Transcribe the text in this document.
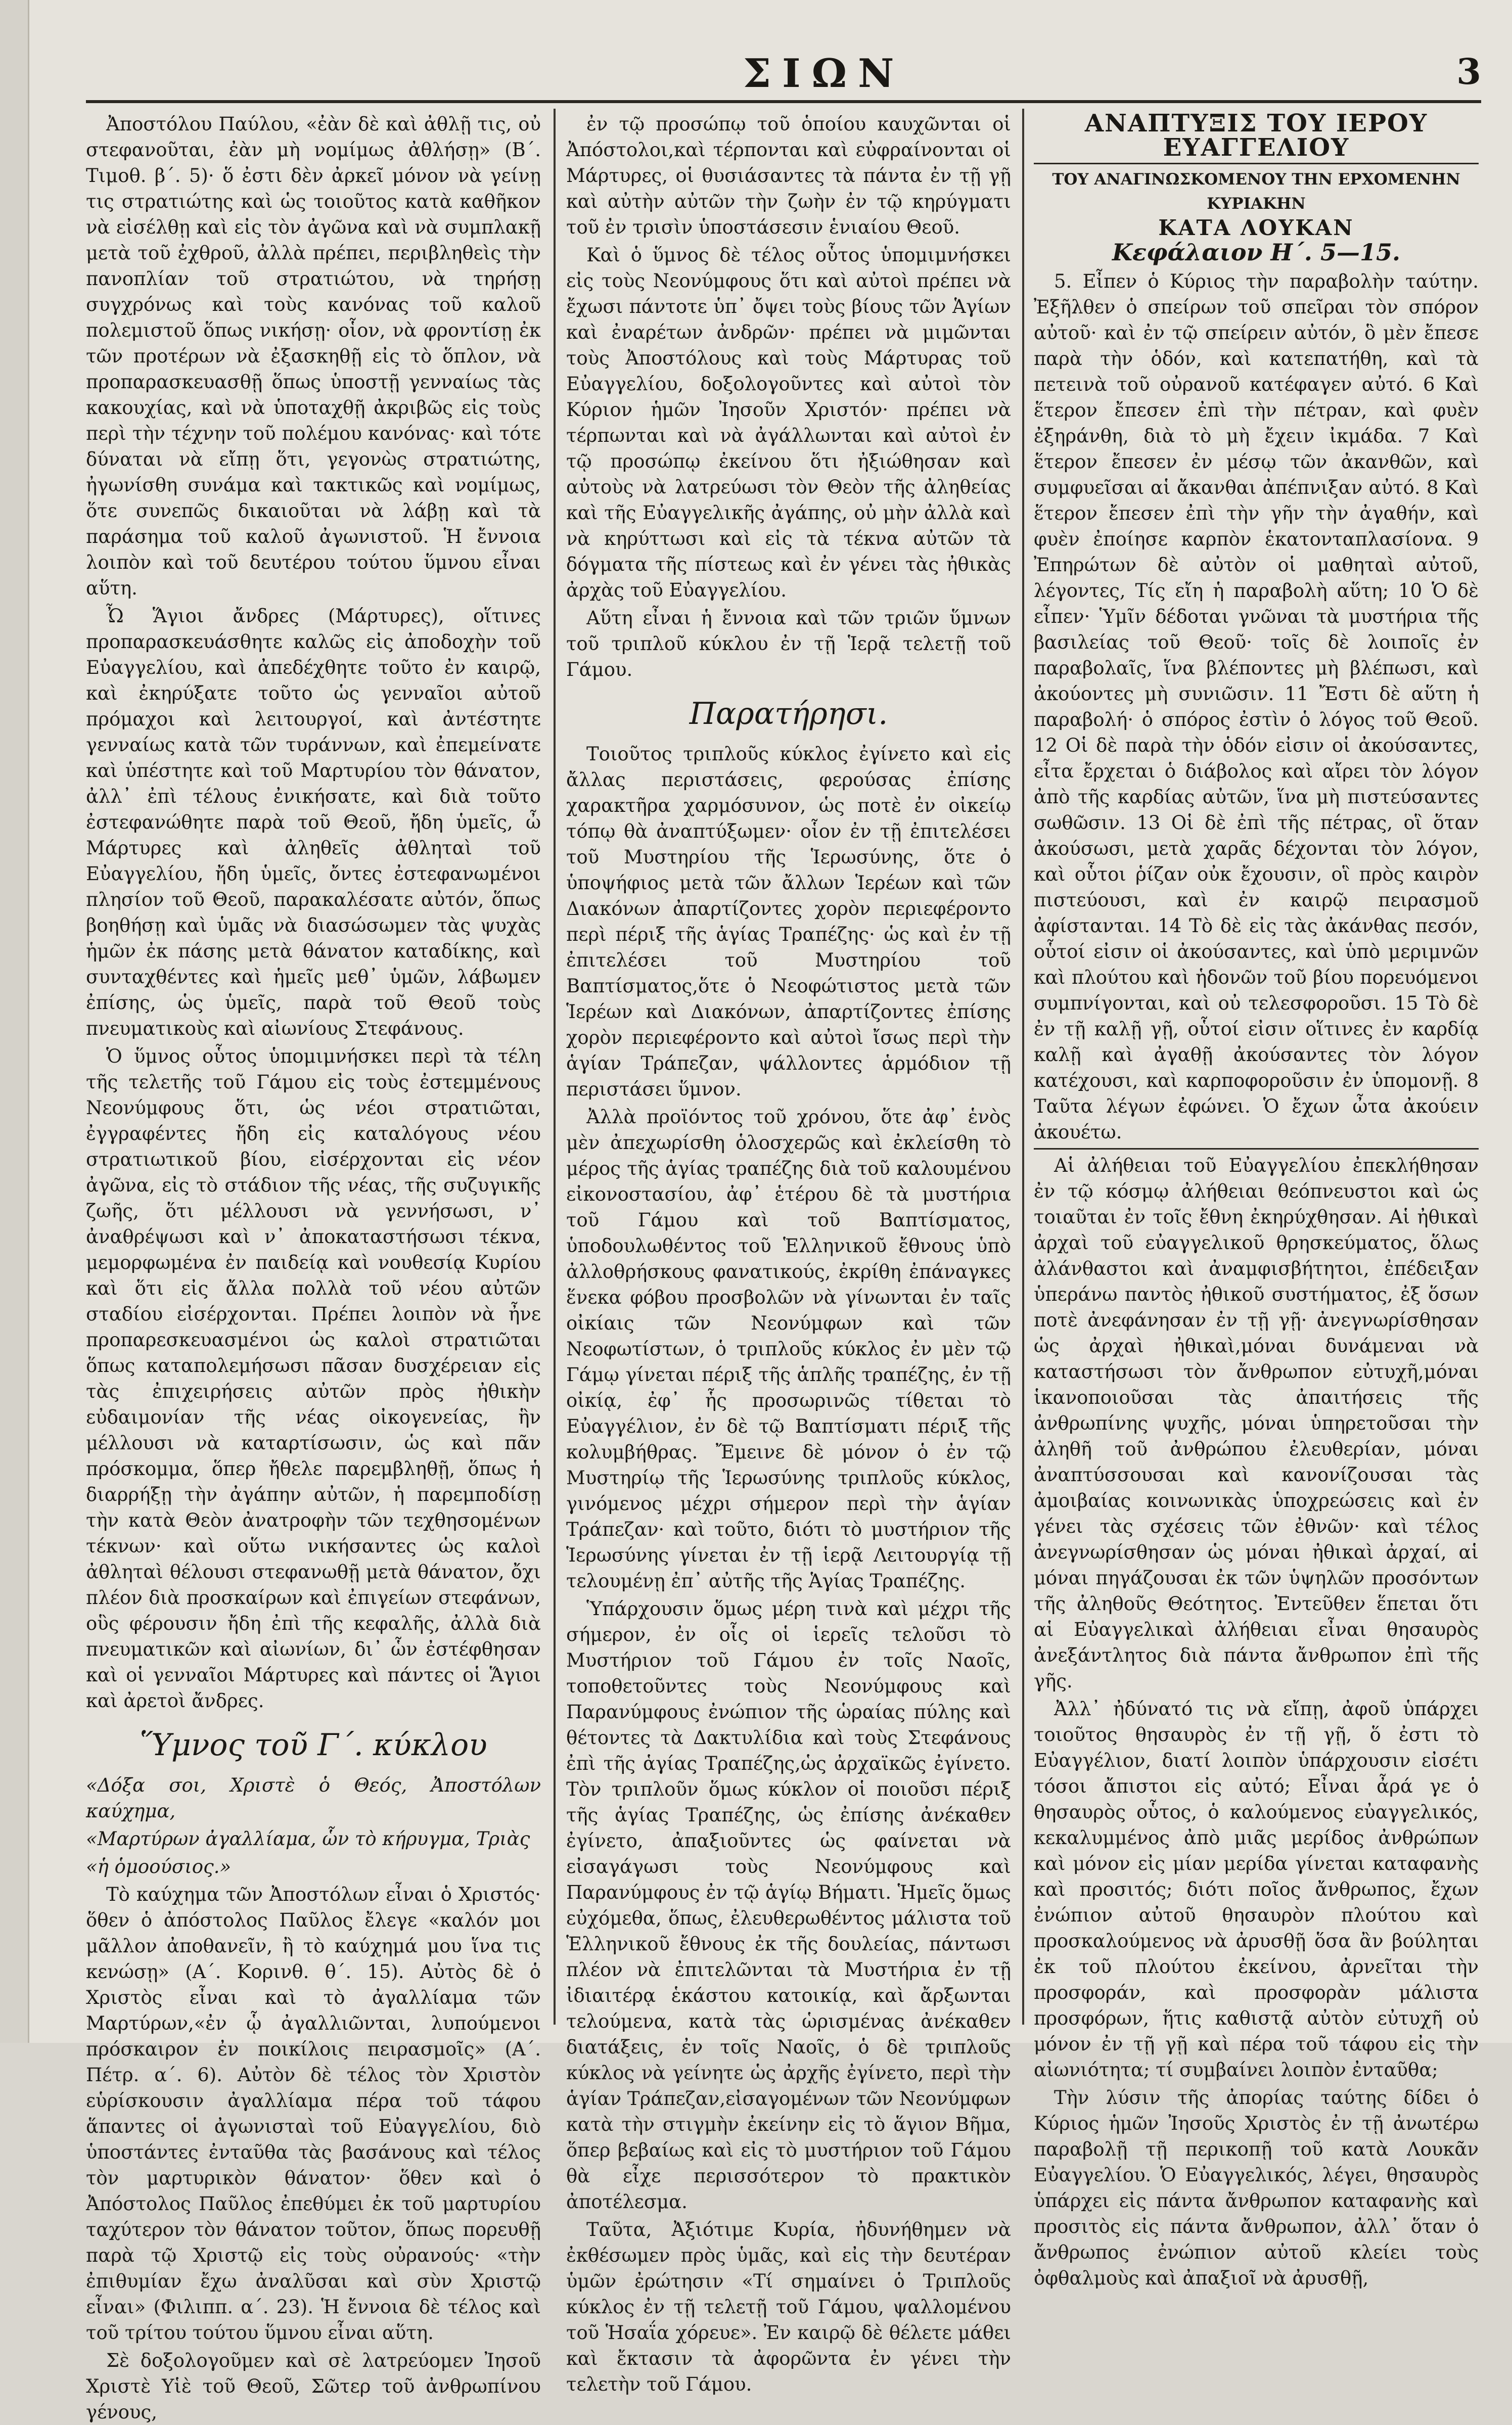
ΣΙΩΝ	3

Ἀποστόλου Παύλου, «ἐὰν δὲ καὶ ἀθλῇ τις, οὐ στεφανοῦται, ἐὰν μὴ νομίμως ἀθλήσῃ» (Β΄. Τιμοθ. β΄. 5)· ὅ ἐστι δὲν ἀρκεῖ μόνον νὰ γείνῃ τις στρατιώτης καὶ ὡς τοιοῦτος κατὰ καθῆκον νὰ εἰσέλθῃ καὶ εἰς τὸν ἀγῶνα καὶ νὰ συμπλακῇ μετὰ τοῦ ἐχθροῦ, ἀλλὰ πρέπει, περιβληθεὶς τὴν πανοπλίαν τοῦ στρατιώτου, νὰ τηρήσῃ συγχρόνως καὶ τοὺς κανόνας τοῦ καλοῦ πολεμιστοῦ ὅπως νικήσῃ· οἷον, νὰ φροντίσῃ ἐκ τῶν προτέρων νὰ ἐξασκηθῇ εἰς τὸ ὅπλον, νὰ προπαρασκευασθῇ ὅπως ὑποστῇ γενναίως τὰς κακουχίας, καὶ νὰ ὑποταχθῇ ἀκριβῶς εἰς τοὺς περὶ τὴν τέχνην τοῦ πολέμου κανόνας· καὶ τότε δύναται νὰ εἴπῃ ὅτι, γεγονὼς στρατιώτης, ἠγωνίσθη συνάμα καὶ τακτικῶς καὶ νομίμως, ὅτε συνεπῶς δικαιοῦται νὰ λάβῃ καὶ τὰ παράσημα τοῦ καλοῦ ἀγωνιστοῦ. Ἡ ἔννοια λοιπὸν καὶ τοῦ δευτέρου τούτου ὕμνου εἶναι αὕτη.

Ὦ Ἅγιοι ἄνδρες (Μάρτυρες), οἵτινες προπαρασκευάσθητε καλῶς εἰς ἀποδοχὴν τοῦ Εὐαγγελίου, καὶ ἀπεδέχθητε τοῦτο ἐν καιρῷ, καὶ ἐκηρύξατε τοῦτο ὡς γενναῖοι αὐτοῦ πρόμαχοι καὶ λειτουργοί, καὶ ἀντέστητε γενναίως κατὰ τῶν τυράννων, καὶ ἐπεμείνατε καὶ ὑπέστητε καὶ τοῦ Μαρτυρίου τὸν θάνατον, ἀλλ᾽ ἐπὶ τέλους ἐνικήσατε, καὶ διὰ τοῦτο ἐστεφανώθητε παρὰ τοῦ Θεοῦ, ἤδη ὑμεῖς, ὦ Μάρτυρες καὶ ἀληθεῖς ἀθληταὶ τοῦ Εὐαγγελίου, ἤδη ὑμεῖς, ὄντες ἐστεφανωμένοι πλησίον τοῦ Θεοῦ, παρακαλέσατε αὐτόν, ὅπως βοηθήσῃ καὶ ὑμᾶς νὰ διασώσωμεν τὰς ψυχὰς ἡμῶν ἐκ πάσης μετὰ θάνατον καταδίκης, καὶ συνταχθέντες καὶ ἡμεῖς μεθ᾽ ὑμῶν, λάβωμεν ἐπίσης, ὡς ὑμεῖς, παρὰ τοῦ Θεοῦ τοὺς πνευματικοὺς καὶ αἰωνίους Στεφάνους.

Ὁ ὕμνος οὗτος ὑπομιμνήσκει περὶ τὰ τέλη τῆς τελετῆς τοῦ Γάμου εἰς τοὺς ἐστεμμένους Νεονύμφους ὅτι, ὡς νέοι στρατιῶται, ἐγγραφέντες ἤδη εἰς καταλόγους νέου στρατιωτικοῦ βίου, εἰσέρχονται εἰς νέον ἀγῶνα, εἰς τὸ στάδιον τῆς νέας, τῆς συζυγικῆς ζωῆς, ὅτι μέλλουσι νὰ γεννήσωσι, ν᾽ ἀναθρέψωσι καὶ ν᾽ ἀποκαταστήσωσι τέκνα, μεμορφωμένα ἐν παιδείᾳ καὶ νουθεσίᾳ Κυρίου καὶ ὅτι εἰς ἄλλα πολλὰ τοῦ νέου αὐτῶν σταδίου εἰσέρχονται. Πρέπει λοιπὸν νὰ ἦνε προπαρεσκευασμένοι ὡς καλοὶ στρατιῶται ὅπως καταπολεμήσωσι πᾶσαν δυσχέρειαν εἰς τὰς ἐπιχειρήσεις αὐτῶν πρὸς ἠθικὴν εὐδαιμονίαν τῆς νέας οἰκογενείας, ἣν μέλλουσι νὰ καταρτίσωσιν, ὡς καὶ πᾶν πρόσκομμα, ὅπερ ἤθελε παρεμβληθῇ, ὅπως ἡ διαρρήξῃ τὴν ἀγάπην αὐτῶν, ἡ παρεμποδίσῃ τὴν κατὰ Θεὸν ἀνατροφὴν τῶν τεχθησομένων τέκνων· καὶ οὕτω νικήσαντες ὡς καλοὶ ἀθληταὶ θέλουσι στεφανωθῇ μετὰ θάνατον, ὄχι πλέον διὰ προσκαίρων καὶ ἐπιγείων στεφάνων, οὓς φέρουσιν ἤδη ἐπὶ τῆς κεφαλῆς, ἀλλὰ διὰ πνευματικῶν καὶ αἰωνίων, δι᾽ ὧν ἐστέφθησαν καὶ οἱ γενναῖοι Μάρτυρες καὶ πάντες οἱ Ἅγιοι καὶ ἀρετοὶ ἄνδρες.

Ὕμνος τοῦ Γ΄. κύκλου

«Δόξα σοι, Χριστὲ ὁ Θεός, Ἀποστόλων καύχημα,

«Μαρτύρων ἀγαλλίαμα, ὧν τὸ κήρυγμα, Τριὰς

«ἡ ὁμοούσιος.»

Τὸ καύχημα τῶν Ἀποστόλων εἶναι ὁ Χριστός· ὅθεν ὁ ἀπόστολος Παῦλος ἔλεγε «καλόν μοι μᾶλλον ἀποθανεῖν, ἢ τὸ καύχημά μου ἵνα τις κενώσῃ» (Α΄. Κορινθ. θ΄. 15). Αὐτὸς δὲ ὁ Χριστὸς εἶναι καὶ τὸ ἀγαλλίαμα τῶν Μαρτύρων,«ἐν ᾧ ἀγαλλιῶνται, λυπούμενοι πρόσκαιρον ἐν ποικίλοις πειρασμοῖς» (Α΄. Πέτρ. α΄. 6). Αὐτὸν δὲ τέλος τὸν Χριστὸν εὑρίσκουσιν ἀγαλλίαμα πέρα τοῦ τάφου ἅπαντες οἱ ἀγωνισταὶ τοῦ Εὐαγγελίου, διὸ ὑποστάντες ἐνταῦθα τὰς βασάνους καὶ τέλος τὸν μαρτυρικὸν θάνατον· ὅθεν καὶ ὁ Ἀπόστολος Παῦλος ἐπεθύμει ἐκ τοῦ μαρτυρίου ταχύτερον τὸν θάνατον τοῦτον, ὅπως πορευθῇ παρὰ τῷ Χριστῷ εἰς τοὺς οὐρανούς· «τὴν ἐπιθυμίαν ἔχω ἀναλῦσαι καὶ σὺν Χριστῷ εἶναι» (Φιλιππ. α΄. 23). Ἡ ἔννοια δὲ τέλος καὶ τοῦ τρίτου τούτου ὕμνου εἶναι αὕτη.

Σὲ δοξολογοῦμεν καὶ σὲ λατρεύομεν Ἰησοῦ Χριστὲ Υἱὲ τοῦ Θεοῦ, Σῶτερ τοῦ ἀνθρωπίνου γένους,

ἐν τῷ προσώπῳ τοῦ ὁποίου καυχῶνται οἱ Ἀπόστολοι,καὶ τέρπονται καὶ εὐφραίνονται οἱ Μάρτυρες, οἱ θυσιάσαντες τὰ πάντα ἐν τῇ γῇ καὶ αὐτὴν αὐτῶν τὴν ζωὴν ἐν τῷ κηρύγματι τοῦ ἐν τρισὶν ὑποστάσεσιν ἑνιαίου Θεοῦ.

Καὶ ὁ ὕμνος δὲ τέλος οὗτος ὑπομιμνήσκει εἰς τοὺς Νεονύμφους ὅτι καὶ αὐτοὶ πρέπει νὰ ἔχωσι πάντοτε ὑπ᾽ ὄψει τοὺς βίους τῶν Ἁγίων καὶ ἐναρέτων ἀνδρῶν· πρέπει νὰ μιμῶνται τοὺς Ἀποστόλους καὶ τοὺς Μάρτυρας τοῦ Εὐαγγελίου, δοξολογοῦντες καὶ αὐτοὶ τὸν Κύριον ἡμῶν Ἰησοῦν Χριστόν· πρέπει νὰ τέρπωνται καὶ νὰ ἀγάλλωνται καὶ αὐτοὶ ἐν τῷ προσώπῳ ἐκείνου ὅτι ἠξιώθησαν καὶ αὐτοὺς νὰ λατρεύωσι τὸν Θεὸν τῆς ἀληθείας καὶ τῆς Εὐαγγελικῆς ἀγάπης, οὐ μὴν ἀλλὰ καὶ νὰ κηρύττωσι καὶ εἰς τὰ τέκνα αὐτῶν τὰ δόγματα τῆς πίστεως καὶ ἐν γένει τὰς ἠθικὰς ἀρχὰς τοῦ Εὐαγγελίου.

Αὕτη εἶναι ἡ ἔννοια καὶ τῶν τριῶν ὕμνων τοῦ τριπλοῦ κύκλου ἐν τῇ Ἱερᾷ τελετῇ τοῦ Γάμου.

Παρατήρησι.

Τοιοῦτος τριπλοῦς κύκλος ἐγίνετο καὶ εἰς ἄλλας περιστάσεις, φερούσας ἐπίσης χαρακτῆρα χαρμόσυνον, ὡς ποτὲ ἐν οἰκείῳ τόπῳ θὰ ἀναπτύξωμεν· οἷον ἐν τῇ ἐπιτελέσει τοῦ Μυστηρίου τῆς Ἱερωσύνης, ὅτε ὁ ὑποψήφιος μετὰ τῶν ἄλλων Ἱερέων καὶ τῶν Διακόνων ἀπαρτίζοντες χορὸν περιεφέροντο περὶ πέριξ τῆς ἁγίας Τραπέζης· ὡς καὶ ἐν τῇ ἐπιτελέσει τοῦ Μυστηρίου τοῦ Βαπτίσματος,ὅτε ὁ Νεοφώτιστος μετὰ τῶν Ἱερέων καὶ Διακόνων, ἀπαρτίζοντες ἐπίσης χορὸν περιεφέροντο καὶ αὐτοὶ ἴσως περὶ τὴν ἁγίαν Τράπεζαν, ψάλλοντες ἁρμόδιον τῇ περιστάσει ὕμνον.

Ἀλλὰ προϊόντος τοῦ χρόνου, ὅτε ἀφ᾽ ἑνὸς μὲν ἀπεχωρίσθη ὁλοσχερῶς καὶ ἐκλείσθη τὸ μέρος τῆς ἁγίας τραπέζης διὰ τοῦ καλουμένου εἰκονοστασίου, ἀφ᾽ ἑτέρου δὲ τὰ μυστήρια τοῦ Γάμου καὶ τοῦ Βαπτίσματος, ὑποδουλωθέντος τοῦ Ἑλληνικοῦ ἔθνους ὑπὸ ἀλλοθρήσκους φανατικούς, ἐκρίθη ἐπάναγκες ἕνεκα φόβου προσβολῶν νὰ γίνωνται ἐν ταῖς οἰκίαις τῶν Νεονύμφων καὶ τῶν Νεοφωτίστων, ὁ τριπλοῦς κύκλος ἐν μὲν τῷ Γάμῳ γίνεται πέριξ τῆς ἁπλῆς τραπέζης, ἐν τῇ οἰκίᾳ, ἐφ᾽ ἧς προσωρινῶς τίθεται τὸ Εὐαγγέλιον, ἐν δὲ τῷ Βαπτίσματι πέριξ τῆς κολυμβήθρας. Ἔμεινε δὲ μόνον ὁ ἐν τῷ Μυστηρίῳ τῆς Ἱερωσύνης τριπλοῦς κύκλος, γινόμενος μέχρι σήμερον περὶ τὴν ἁγίαν Τράπεζαν· καὶ τοῦτο, διότι τὸ μυστήριον τῆς Ἱερωσύνης γίνεται ἐν τῇ ἱερᾷ Λειτουργίᾳ τῇ τελουμένῃ ἐπ᾽ αὐτῆς τῆς Ἁγίας Τραπέζης.

Ὑπάρχουσιν ὅμως μέρη τινὰ καὶ μέχρι τῆς σήμερον, ἐν οἷς οἱ ἱερεῖς τελοῦσι τὸ Μυστήριον τοῦ Γάμου ἐν τοῖς Ναοῖς, τοποθετοῦντες τοὺς Νεονύμφους καὶ Παρανύμφους ἐνώπιον τῆς ὡραίας πύλης καὶ θέτοντες τὰ Δακτυλίδια καὶ τοὺς Στεφάνους ἐπὶ τῆς ἁγίας Τραπέζης,ὡς ἀρχαϊκῶς ἐγίνετο. Τὸν τριπλοῦν ὅμως κύκλον οἱ ποιοῦσι πέριξ τῆς ἁγίας Τραπέζης, ὡς ἐπίσης ἀνέκαθεν ἐγίνετο, ἀπαξιοῦντες ὡς φαίνεται νὰ εἰσαγάγωσι τοὺς Νεονύμφους καὶ Παρανύμφους ἐν τῷ ἁγίῳ Βήματι. Ἡμεῖς ὅμως εὐχόμεθα, ὅπως, ἐλευθερωθέντος μάλιστα τοῦ Ἑλληνικοῦ ἔθνους ἐκ τῆς δουλείας, πάντωσι πλέον νὰ ἐπιτελῶνται τὰ Μυστήρια ἐν τῇ ἰδιαιτέρᾳ ἑκάστου κατοικίᾳ, καὶ ἄρξωνται τελούμενα, κατὰ τὰς ὡρισμένας ἀνέκαθεν διατάξεις, ἐν τοῖς Ναοῖς, ὁ δὲ τριπλοῦς κύκλος νὰ γείνητε ὡς ἀρχῆς ἐγίνετο, περὶ τὴν ἁγίαν Τράπεζαν,εἰσαγομένων τῶν Νεονύμφων κατὰ τὴν στιγμὴν ἐκείνην εἰς τὸ ἅγιον Βῆμα, ὅπερ βεβαίως καὶ εἰς τὸ μυστήριον τοῦ Γάμου θὰ εἶχε περισσότερον τὸ πρακτικὸν ἀποτέλεσμα.

Ταῦτα, Ἀξιότιμε Κυρία, ἠδυνήθημεν νὰ ἐκθέσωμεν πρὸς ὑμᾶς, καὶ εἰς τὴν δευτέραν ὑμῶν ἐρώτησιν «Τί σημαίνει ὁ Τριπλοῦς κύκλος ἐν τῇ τελετῇ τοῦ Γάμου, ψαλλομένου τοῦ Ἡσαΐα χόρευε». Ἐν καιρῷ δὲ θέλετε μάθει καὶ ἔκτασιν τὰ ἀφορῶντα ἐν γένει τὴν τελετὴν τοῦ Γάμου.

ΑΝΑΠΤΥΞΙΣ ΤΟΥ ΙΕΡΟΥ ΕΥΑΓΓΕΛΙΟΥ
ΤΟΥ ΑΝΑΓΙΝΩΣΚΟΜΕΝΟΥ ΤΗΝ ΕΡΧΟΜΕΝΗΝ ΚΥΡΙΑΚΗΝ
ΚΑΤΑ ΛΟΥΚΑΝ
Κεφάλαιον Η΄. 5—15.

5. Εἶπεν ὁ Κύριος τὴν παραβολὴν ταύτην. Ἐξῆλθεν ὁ σπείρων τοῦ σπεῖραι τὸν σπόρον αὐτοῦ· καὶ ἐν τῷ σπείρειν αὐτόν, ὃ μὲν ἔπεσε παρὰ τὴν ὁδόν, καὶ κατεπατήθη, καὶ τὰ πετεινὰ τοῦ οὐρανοῦ κατέφαγεν αὐτό. 6 Καὶ ἕτερον ἔπεσεν ἐπὶ τὴν πέτραν, καὶ φυὲν ἐξηράνθη, διὰ τὸ μὴ ἔχειν ἰκμάδα. 7 Καὶ ἕτερον ἔπεσεν ἐν μέσῳ τῶν ἀκανθῶν, καὶ συμφυεῖσαι αἱ ἄκανθαι ἀπέπνιξαν αὐτό. 8 Καὶ ἕτερον ἔπεσεν ἐπὶ τὴν γῆν τὴν ἀγαθήν, καὶ φυὲν ἐποίησε καρπὸν ἑκατονταπλασίονα. 9 Ἐπηρώτων δὲ αὐτὸν οἱ μαθηταὶ αὐτοῦ, λέγοντες, Τίς εἴη ἡ παραβολὴ αὕτη; 10 Ὁ δὲ εἶπεν· Ὑμῖν δέδοται γνῶναι τὰ μυστήρια τῆς βασιλείας τοῦ Θεοῦ· τοῖς δὲ λοιποῖς ἐν παραβολαῖς, ἵνα βλέποντες μὴ βλέπωσι, καὶ ἀκούοντες μὴ συνιῶσιν. 11 Ἔστι δὲ αὕτη ἡ παραβολή· ὁ σπόρος ἐστὶν ὁ λόγος τοῦ Θεοῦ. 12 Οἱ δὲ παρὰ τὴν ὁδόν εἰσιν οἱ ἀκούσαντες, εἶτα ἔρχεται ὁ διάβολος καὶ αἴρει τὸν λόγον ἀπὸ τῆς καρδίας αὐτῶν, ἵνα μὴ πιστεύσαντες σωθῶσιν. 13 Οἱ δὲ ἐπὶ τῆς πέτρας, οἳ ὅταν ἀκούσωσι, μετὰ χαρᾶς δέχονται τὸν λόγον, καὶ οὗτοι ῥίζαν οὐκ ἔχουσιν, οἳ πρὸς καιρὸν πιστεύουσι, καὶ ἐν καιρῷ πειρασμοῦ ἀφίστανται. 14 Τὸ δὲ εἰς τὰς ἀκάνθας πεσόν, οὗτοί εἰσιν οἱ ἀκούσαντες, καὶ ὑπὸ μεριμνῶν καὶ πλούτου καὶ ἡδονῶν τοῦ βίου πορευόμενοι συμπνίγονται, καὶ οὐ τελεσφοροῦσι. 15 Τὸ δὲ ἐν τῇ καλῇ γῇ, οὗτοί εἰσιν οἵτινες ἐν καρδίᾳ καλῇ καὶ ἀγαθῇ ἀκούσαντες τὸν λόγον κατέχουσι, καὶ καρποφοροῦσιν ἐν ὑπομονῇ. 8 Ταῦτα λέγων ἐφώνει. Ὁ ἔχων ὦτα ἀκούειν ἀκουέτω.

Αἱ ἀλήθειαι τοῦ Εὐαγγελίου ἐπεκλήθησαν ἐν τῷ κόσμῳ ἀλήθειαι θεόπνευστοι καὶ ὡς τοιαῦται ἐν τοῖς ἔθνη ἐκηρύχθησαν. Αἱ ἠθικαὶ ἀρχαὶ τοῦ εὐαγγελικοῦ θρησκεύματος, ὅλως ἀλάνθαστοι καὶ ἀναμφισβήτητοι, ἐπέδειξαν ὑπεράνω παντὸς ἠθικοῦ συστήματος, ἐξ ὅσων ποτὲ ἀνεφάνησαν ἐν τῇ γῇ· ἀνεγνωρίσθησαν ὡς ἀρχαὶ ἠθικαὶ,μόναι δυνάμεναι νὰ καταστήσωσι τὸν ἄνθρωπον εὐτυχῆ,μόναι ἱκανοποιοῦσαι τὰς ἀπαιτήσεις τῆς ἀνθρωπίνης ψυχῆς, μόναι ὑπηρετοῦσαι τὴν ἀληθῆ τοῦ ἀνθρώπου ἐλευθερίαν, μόναι ἀναπτύσσουσαι καὶ κανονίζουσαι τὰς ἀμοιβαίας κοινωνικὰς ὑποχρεώσεις καὶ ἐν γένει τὰς σχέσεις τῶν ἐθνῶν· καὶ τέλος ἀνεγνωρίσθησαν ὡς μόναι ἠθικαὶ ἀρχαί, αἱ μόναι πηγάζουσαι ἐκ τῶν ὑψηλῶν προσόντων τῆς ἀληθοῦς Θεότητος. Ἐντεῦθεν ἕπεται ὅτι αἱ Εὐαγγελικαὶ ἀλήθειαι εἶναι θησαυρὸς ἀνεξάντλητος διὰ πάντα ἄνθρωπον ἐπὶ τῆς γῆς.

Ἀλλ᾽ ἠδύνατό τις νὰ εἴπῃ, ἀφοῦ ὑπάρχει τοιοῦτος θησαυρὸς ἐν τῇ γῇ, ὅ ἐστι τὸ Εὐαγγέλιον, διατί λοιπὸν ὑπάρχουσιν εἰσέτι τόσοι ἄπιστοι εἰς αὐτό; Εἶναι ἆρά γε ὁ θησαυρὸς οὗτος, ὁ καλούμενος εὐαγγελικός, κεκαλυμμένος ἀπὸ μιᾶς μερίδος ἀνθρώπων καὶ μόνον εἰς μίαν μερίδα γίνεται καταφανὴς καὶ προσιτός; διότι ποῖος ἄνθρωπος, ἔχων ἐνώπιον αὐτοῦ θησαυρὸν πλούτου καὶ προσκαλούμενος νὰ ἀρυσθῇ ὅσα ἂν βούληται ἐκ τοῦ πλούτου ἐκείνου, ἀρνεῖται τὴν προσφοράν, καὶ προσφορὰν μάλιστα προσφόρων, ἥτις καθιστᾷ αὐτὸν εὐτυχῆ οὐ μόνον ἐν τῇ γῇ καὶ πέρα τοῦ τάφου εἰς τὴν αἰωνιότητα; τί συμβαίνει λοιπὸν ἐνταῦθα;

Τὴν λύσιν τῆς ἀπορίας ταύτης δίδει ὁ Κύριος ἡμῶν Ἰησοῦς Χριστὸς ἐν τῇ ἀνωτέρω παραβολῇ τῇ περικοπῇ τοῦ κατὰ Λουκᾶν Εὐαγγελίου. Ὁ Εὐαγγελικός, λέγει, θησαυρὸς ὑπάρχει εἰς πάντα ἄνθρωπον καταφανὴς καὶ προσιτὸς εἰς πάντα ἄνθρωπον, ἀλλ᾽ ὅταν ὁ ἄνθρωπος ἐνώπιον αὐτοῦ κλείει τοὺς ὀφθαλμοὺς καὶ ἀπαξιοῖ νὰ ἀρυσθῇ,
